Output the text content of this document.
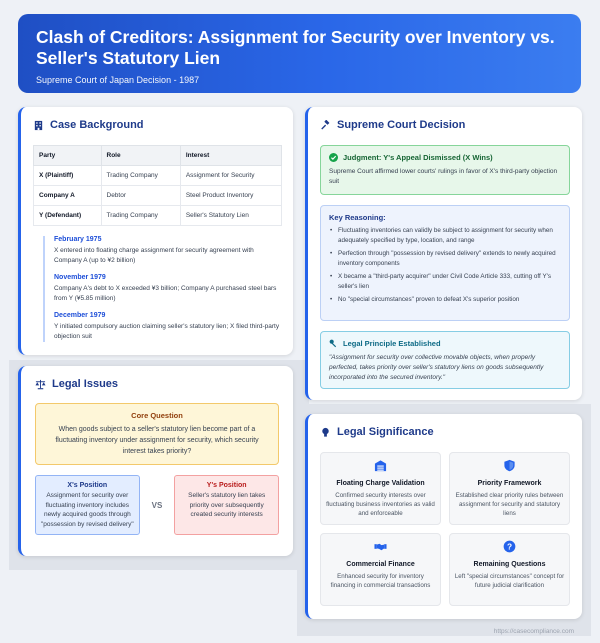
Clash of Creditors: Assignment for Security over Inventory vs. Seller's Statutory Lien
Supreme Court of Japan Decision - 1987
Case Background
Party	Role	Interest
X (Plaintiff)	Trading Company	Assignment for Security
Company A	Debtor	Steel Product Inventory
Y (Defendant)	Trading Company	Seller's Statutory Lien
February 1975
X entered into floating charge assignment for security agreement with Company A (up to ¥2 billion)
November 1979
Company A's debt to X exceeded ¥3 billion; Company A purchased steel bars from Y (¥5.85 million)
December 1979
Y initiated compulsory auction claiming seller's statutory lien; X filed third-party objection suit
Legal Issues
Core Question
When goods subject to a seller's statutory lien become part of a fluctuating inventory under assignment for security, which security interest takes priority?
X's Position
Assignment for security over fluctuating inventory includes newly acquired goods through "possession by revised delivery"
VS
Y's Position
Seller's statutory lien takes priority over subsequently created security interests
Supreme Court Decision
Judgment: Y's Appeal Dismissed (X Wins)
Supreme Court affirmed lower courts' rulings in favor of X's third-party objection suit
Key Reasoning:
• Fluctuating inventories can validly be subject to assignment for security when adequately specified by type, location, and range
• Perfection through "possession by revised delivery" extends to newly acquired inventory components
• X became a "third-party acquirer" under Civil Code Article 333, cutting off Y's seller's lien
• No "special circumstances" proven to defeat X's superior position
Legal Principle Established
"Assignment for security over collective movable objects, when properly perfected, takes priority over seller's statutory liens on goods subsequently incorporated into the secured inventory."
Legal Significance
Floating Charge Validation
Confirmed security interests over fluctuating business inventories as valid and enforceable
Priority Framework
Established clear priority rules between assignment for security and statutory liens
Commercial Finance
Enhanced security for inventory financing in commercial transactions
?
Remaining Questions
Left "special circumstances" concept for future judicial clarification
https://casecompliance.com
